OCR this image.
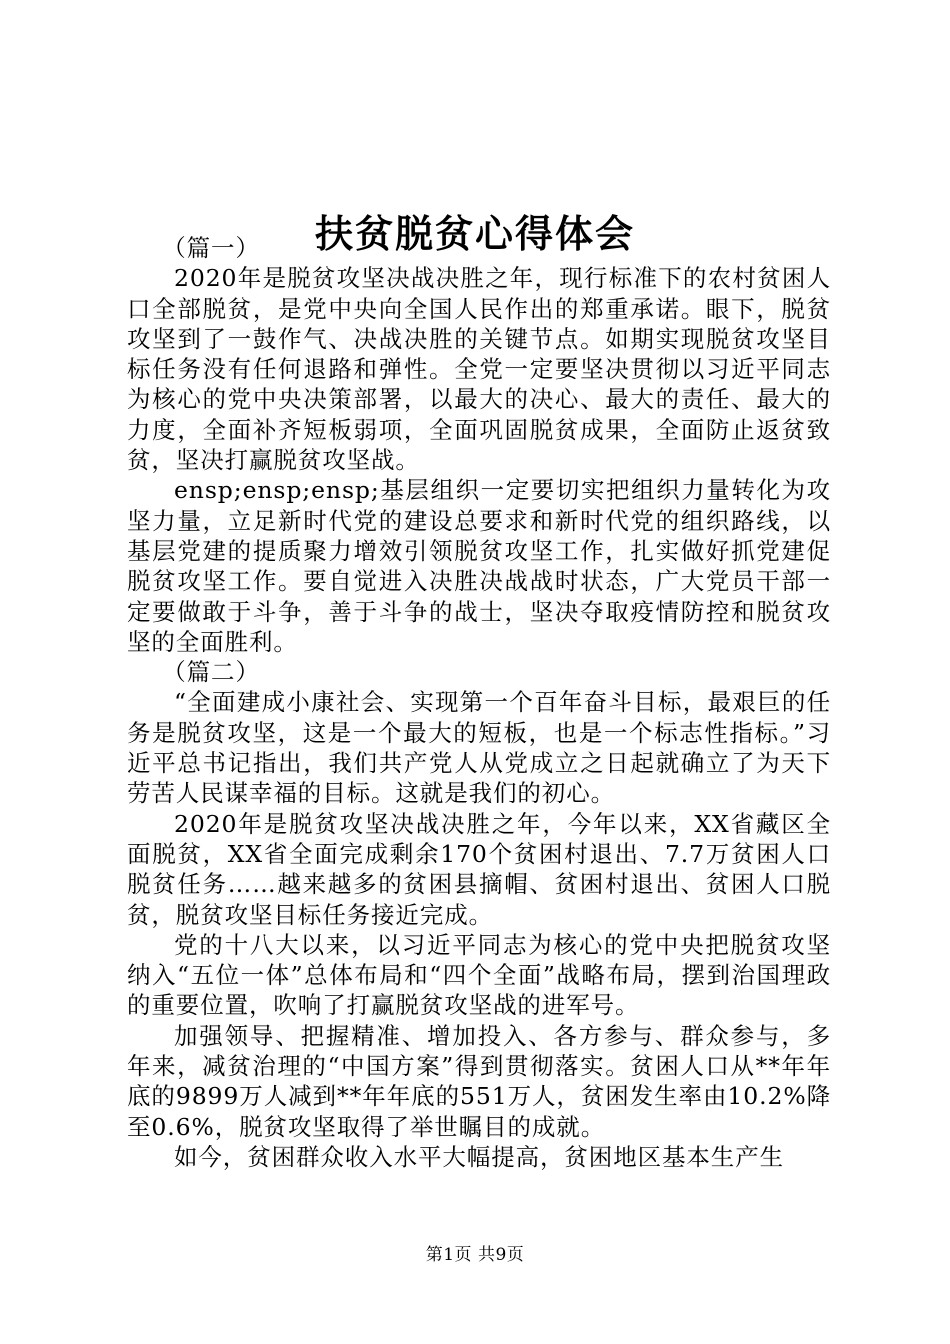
扶贫脱贫心得体会

（篇一）

2020年是脱贫攻坚决战决胜之年，现行标准下的农村贫困人口全部脱贫，是党中央向全国人民作出的郑重承诺。眼下，脱贫攻坚到了一鼓作气、决战决胜的关键节点。如期实现脱贫攻坚目标任务没有任何退路和弹性。全党一定要坚决贯彻以习近平同志为核心的党中央决策部署，以最大的决心、最大的责任、最大的力度，全面补齐短板弱项，全面巩固脱贫成果，全面防止返贫致贫，坚决打赢脱贫攻坚战。

ensp;ensp;ensp;基层组织一定要切实把组织力量转化为攻坚力量，立足新时代党的建设总要求和新时代党的组织路线，以基层党建的提质聚力增效引领脱贫攻坚工作，扎实做好抓党建促脱贫攻坚工作。要自觉进入决胜决战战时状态，广大党员干部一定要做敢于斗争，善于斗争的战士，坚决夺取疫情防控和脱贫攻坚的全面胜利。

（篇二）

“全面建成小康社会、实现第一个百年奋斗目标，最艰巨的任务是脱贫攻坚，这是一个最大的短板，也是一个标志性指标。”习近平总书记指出，我们共产党人从党成立之日起就确立了为天下劳苦人民谋幸福的目标。这就是我们的初心。

2020年是脱贫攻坚决战决胜之年，今年以来，XX省藏区全面脱贫，XX省全面完成剩余170个贫困村退出、7.7万贫困人口脱贫任务……越来越多的贫困县摘帽、贫困村退出、贫困人口脱贫，脱贫攻坚目标任务接近完成。

党的十八大以来，以习近平同志为核心的党中央把脱贫攻坚纳入“五位一体”总体布局和“四个全面”战略布局，摆到治国理政的重要位置，吹响了打赢脱贫攻坚战的进军号。

加强领导、把握精准、增加投入、各方参与、群众参与，多年来，减贫治理的“中国方案”得到贯彻落实。贫困人口从**年年底的9899万人减到**年年底的551万人，贫困发生率由10.2%降至0.6%，脱贫攻坚取得了举世瞩目的成就。

如今，贫困群众收入水平大幅提高，贫困地区基本生产生

第1页 共9页
